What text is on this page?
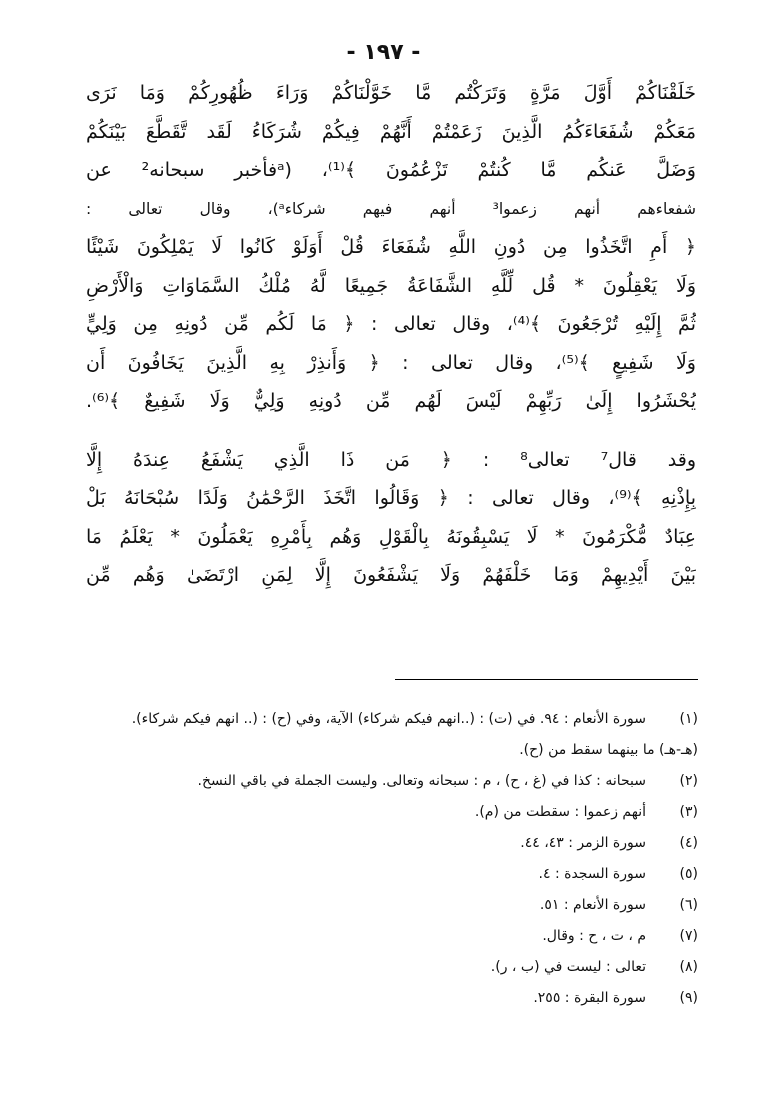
- ١٩٧ -
خَلَقْنَاكُمْ أَوَّلَ مَرَّةٍ وَتَرَكْتُم مَّا خَوَّلْنَاكُمْ وَرَاءَ ظُهُورِكُمْ وَمَا نَرَى
مَعَكُمْ شُفَعَاءَكُمُ الَّذِينَ زَعَمْتُمْ أَنَّهُمْ فِيكُمْ شُرَكَاءُ لَقَد تَّقَطَّعَ بَيْنَكُمْ
وَضَلَّ عَنكُم مَّا كُنتُمْ تَزْعُمُونَ ﴾⁽¹⁾، (ᵃفأخبر سبحانه² عن
شفعاءهم أنهم زعموا³ أنهم فيهم شركاءᵃ)، وقال تعالى :
﴿ أَمِ اتَّخَذُوا مِن دُونِ اللَّهِ شُفَعَاءَ قُلْ أَوَلَوْ كَانُوا لَا يَمْلِكُونَ شَيْئًا
وَلَا يَعْقِلُونَ * قُل لِّلَّهِ الشَّفَاعَةُ جَمِيعًا لَّهُ مُلْكُ السَّمَاوَاتِ وَالْأَرْضِ
ثُمَّ إِلَيْهِ تُرْجَعُونَ ﴾⁽⁴⁾، وقال تعالى : ﴿ مَا لَكُم مِّن دُونِهِ مِن وَلِيٍّ
وَلَا شَفِيعٍ ﴾⁽⁵⁾، وقال تعالى : ﴿ وَأَنذِرْ بِهِ الَّذِينَ يَخَافُونَ أَن
يُحْشَرُوا إِلَىٰ رَبِّهِمْ لَيْسَ لَهُم مِّن دُونِهِ وَلِيٌّ وَلَا شَفِيعٌ ﴾⁽⁶⁾.
وقد قال⁷ تعالى⁸ : ﴿ مَن ذَا الَّذِي يَشْفَعُ عِندَهُ إِلَّا
بِإِذْنِهِ ﴾⁽⁹⁾، وقال تعالى : ﴿ وَقَالُوا اتَّخَذَ الرَّحْمَٰنُ وَلَدًا سُبْحَانَهُ بَلْ
عِبَادٌ مُّكْرَمُونَ * لَا يَسْبِقُونَهُ بِالْقَوْلِ وَهُم بِأَمْرِهِ يَعْمَلُونَ * يَعْلَمُ مَا
بَيْنَ أَيْدِيهِمْ وَمَا خَلْفَهُمْ وَلَا يَشْفَعُونَ إِلَّا لِمَنِ ارْتَضَىٰ وَهُم مِّن
(١)
سورة الأنعام : ٩٤. في (ت) : (..انهم فيكم شركاء) الآية، وفي (ح) : (.. انهم فيكم شركاء).
(هـ-هـ) ما بينهما سقط من (ح).
(٢)
سبحانه : كذا في (غ ، ح) ، م : سبحانه وتعالى. وليست الجملة في باقي النسخ.
(٣)
أنهم زعموا : سقطت من (م).
(٤)
سورة الزمر : ٤٣، ٤٤.
(٥)
سورة السجدة : ٤.
(٦)
سورة الأنعام : ٥١.
(٧)
م ، ت ، ح : وقال.
(٨)
تعالى : ليست في (ب ، ر).
(٩)
سورة البقرة : ٢٥٥.
